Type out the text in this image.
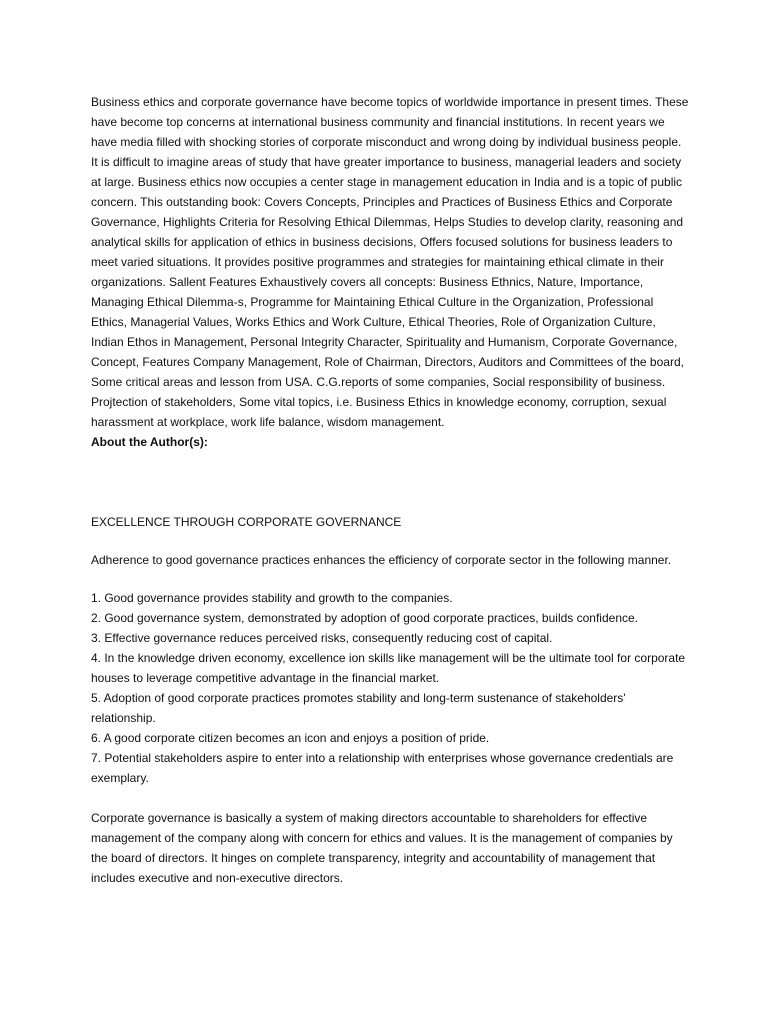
Business ethics and corporate governance have become topics of worldwide importance in present times. These have become top concerns at international business community and financial institutions. In recent years we have media filled with shocking stories of corporate misconduct and wrong doing by individual business people. It is difficult to imagine areas of study that have greater importance to business, managerial leaders and society at large. Business ethics now occupies a center stage in management education in India and is a topic of public concern. This outstanding book: Covers Concepts, Principles and Practices of Business Ethics and Corporate Governance, Highlights Criteria for Resolving Ethical Dilemmas, Helps Studies to develop clarity, reasoning and analytical skills for application of ethics in business decisions, Offers focused solutions for business leaders to meet varied situations. It provides positive programmes and strategies for maintaining ethical climate in their organizations. Sallent Features Exhaustively covers all concepts: Business Ethnics, Nature, Importance, Managing Ethical Dilemma-s, Programme for Maintaining Ethical Culture in the Organization, Professional Ethics, Managerial Values, Works Ethics and Work Culture, Ethical Theories, Role of Organization Culture, Indian Ethos in Management, Personal Integrity Character, Spirituality and Humanism, Corporate Governance, Concept, Features Company Management, Role of Chairman, Directors, Auditors and Committees of the board, Some critical areas and lesson from USA. C.G.reports of some companies, Social responsibility of business. Projtection of stakeholders, Some vital topics, i.e. Business Ethics in knowledge economy, corruption, sexual harassment at workplace, work life balance, wisdom management.

About the Author(s):

EXCELLENCE THROUGH CORPORATE GOVERNANCE

Adherence to good governance practices enhances the efficiency of corporate sector in the following manner.

1. Good governance provides stability and growth to the companies.
2. Good governance system, demonstrated by adoption of good corporate practices, builds confidence.
3. Effective governance reduces perceived risks, consequently reducing cost of capital.
4. In the knowledge driven economy, excellence ion skills like management will be the ultimate tool for corporate houses to leverage competitive advantage in the financial market.
5. Adoption of good corporate practices promotes stability and long-term sustenance of stakeholders' relationship.
6. A good corporate citizen becomes an icon and enjoys a position of pride.
7. Potential stakeholders aspire to enter into a relationship with enterprises whose governance credentials are exemplary.

Corporate governance is basically a system of making directors accountable to shareholders for effective management of the company along with concern for ethics and values. It is the management of companies by the board of directors. It hinges on complete transparency, integrity and accountability of management that includes executive and non-executive directors.
